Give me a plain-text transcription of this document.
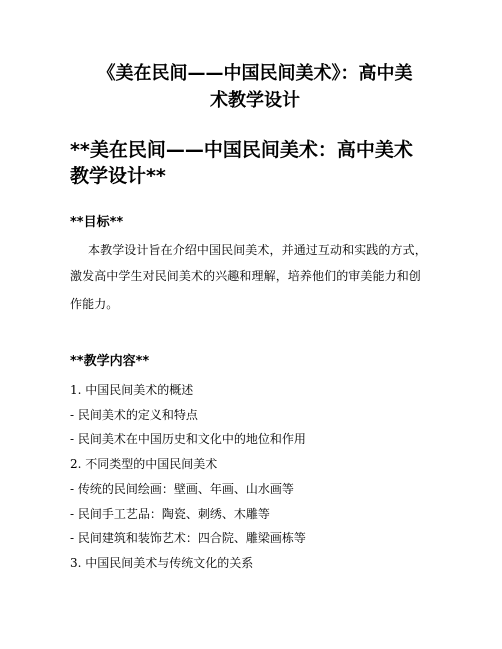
《美在民间——中国民间美术》：高中美
术教学设计
**美在民间——中国民间美术：高中美术
教学设计**
**目标**
本教学设计旨在介绍中国民间美术，并通过互动和实践的方式，
激发高中学生对民间美术的兴趣和理解，培养他们的审美能力和创
作能力。
**教学内容**
1. 中国民间美术的概述
- 民间美术的定义和特点
- 民间美术在中国历史和文化中的地位和作用
2. 不同类型的中国民间美术
- 传统的民间绘画：壁画、年画、山水画等
- 民间手工艺品：陶瓷、刺绣、木雕等
- 民间建筑和装饰艺术：四合院、雕梁画栋等
3. 中国民间美术与传统文化的关系
